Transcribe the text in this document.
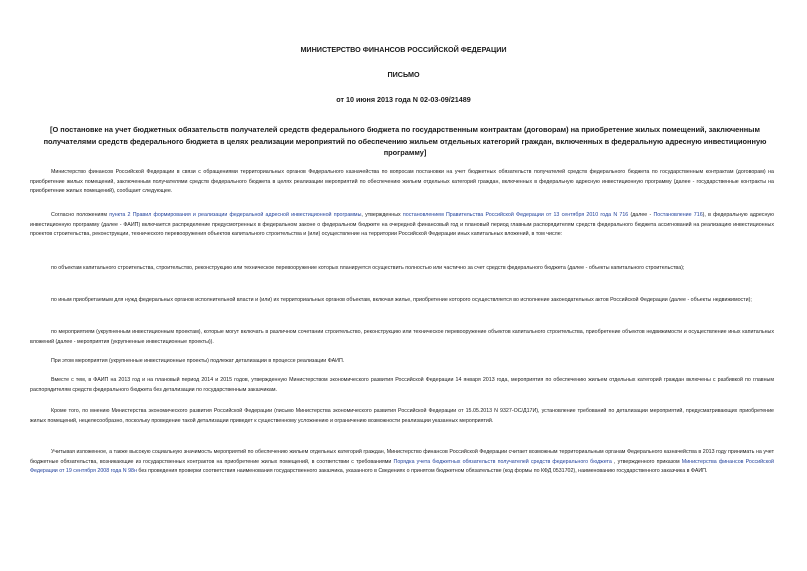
МИНИСТЕРСТВО ФИНАНСОВ РОССИЙСКОЙ ФЕДЕРАЦИИ

ПИСЬМО

от 10 июня 2013 года N 02-03-09/21489

[О постановке на учет бюджетных обязательств получателей средств федерального бюджета по государственным контрактам (договорам) на приобретение жилых помещений, заключенным получателями средств федерального бюджета в целях реализации мероприятий по обеспечению жильем отдельных категорий граждан, включенных в федеральную адресную инвестиционную программу]

Министерство финансов Российской Федерации в связи с обращениями территориальных органов Федерального казначейства по вопросам постановки на учет бюджетных обязательств получателей средств федерального бюджета по государственным контрактам (договорам) на приобретение жилых помещений, заключенным получателями средств федерального бюджета в целях реализации мероприятий по обеспечению жильем отдельных категорий граждан, включенных в федеральную адресную инвестиционную программу (далее - государственные контракты на приобретение жилых помещений), сообщает следующее.

Согласно положениям пункта 2 Правил формирования и реализации федеральной адресной инвестиционной программы, утвержденных постановлением Правительства Российской Федерации от 13 сентября 2010 года N 716 (далее - Постановление 716), в федеральную адресную инвестиционную программу (далее - ФАИП) включается распределение предусмотренных в федеральном законе о федеральном бюджете на очередной финансовый год и плановый период главным распорядителям средств федерального бюджета ассигнований на реализацию инвестиционных проектов строительства, реконструкции, технического перевооружения объектов капитального строительства и (или) осуществление на территории Российской Федерации иных капитальных вложений, в том числе:

по объектам капитального строительства, строительство, реконструкцию или техническое перевооружение которых планируется осуществить полностью или частично за счет средств федерального бюджета (далее - объекты капитального строительства);

по иным приобретаемым для нужд федеральных органов исполнительной власти и (или) их территориальных органов объектам, включая жилье, приобретение которого осуществляется во исполнение законодательных актов Российской Федерации (далее - объекты недвижимости);

по мероприятиям (укрупненным инвестиционным проектам), которые могут включать в различном сочетании строительство, реконструкцию или техническое перевооружение объектов капитального строительства, приобретение объектов недвижимости и осуществление иных капитальных вложений (далее - мероприятия (укрупненные инвестиционные проекты)).

При этом мероприятия (укрупненные инвестиционные проекты) подлежат детализации в процессе реализации ФАИП.

Вместе с тем, в ФАИП на 2013 год и на плановый период 2014 и 2015 годов, утвержденную Министерством экономического развития Российской Федерации 14 января 2013 года, мероприятия по обеспечению жильем отдельных категорий граждан включены с разбивкой по главным распорядителям средств федерального бюджета без детализации по государственным заказчикам.

Кроме того, по мнению Министерства экономического развития Российской Федерации (письмо Министерства экономического развития Российской Федерации от 15.05.2013 N 9327-ОС/Д17И), установление требований по детализации мероприятий, предусматривающих приобретение жилых помещений, нецелесообразно, поскольку проведение такой детализации приведет к существенному усложнению и ограничению возможности реализации указанных мероприятий.

Учитывая изложенное, а также высокую социальную значимость мероприятий по обеспечению жильем отдельных категорий граждан, Министерство финансов Российской Федерации считает возможным территориальным органам Федерального казначейства в 2013 году принимать на учет бюджетные обязательства, возникающие из государственных контрактов на приобретение жилых помещений, в соответствии с требованиями Порядка учета бюджетных обязательств получателей средств федерального бюджета , утвержденного приказом Министерства финансов Российской Федерации от 19 сентября 2008 года N 98н без проведения проверки соответствия наименования государственного заказчика, указанного в Сведениях о принятом бюджетном обязательстве (код формы по КФД 0531702), наименованию государственного заказчика в ФАИП.
